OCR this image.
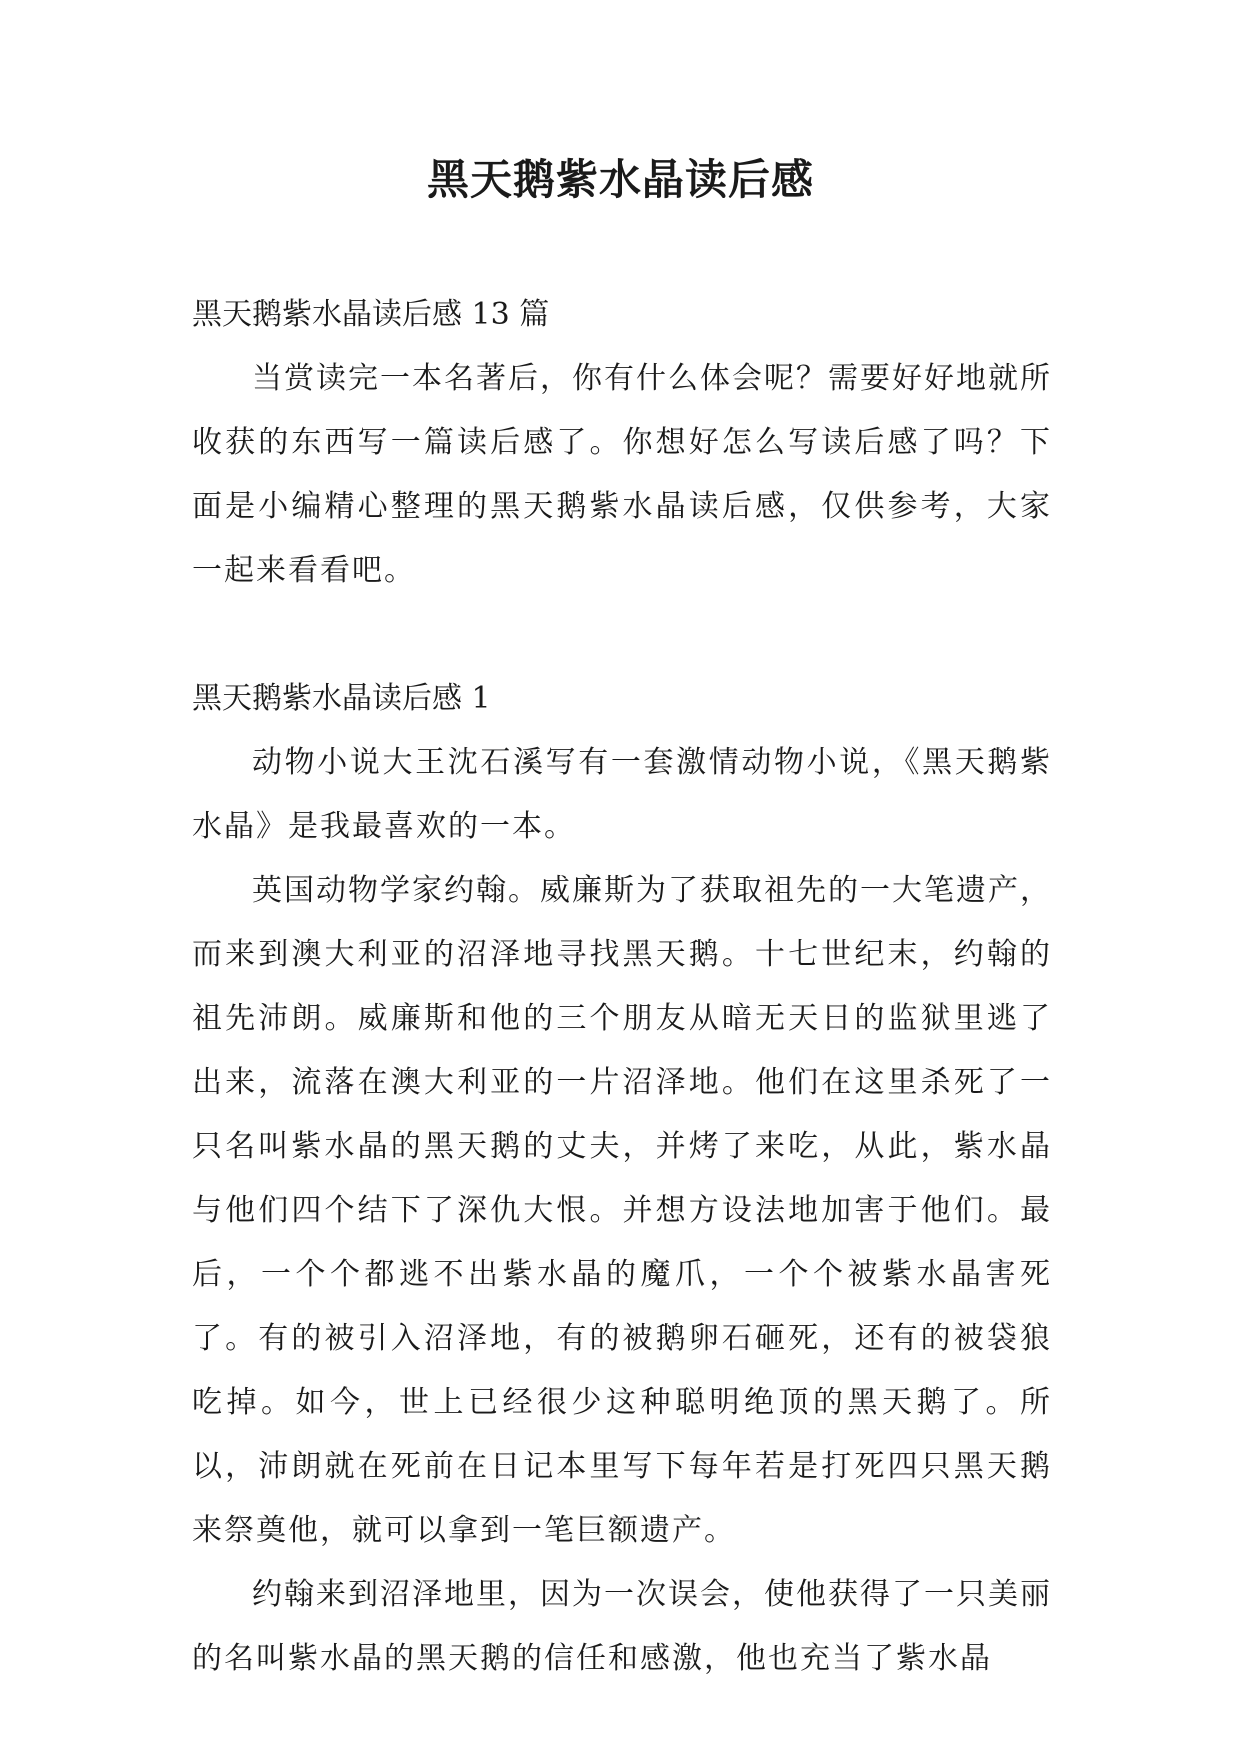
黑天鹅紫水晶读后感

黑天鹅紫水晶读后感 13 篇

当赏读完一本名著后，你有什么体会呢？需要好好地就所收获的东西写一篇读后感了。你想好怎么写读后感了吗？下面是小编精心整理的黑天鹅紫水晶读后感，仅供参考，大家一起来看看吧。

黑天鹅紫水晶读后感 1

动物小说大王沈石溪写有一套激情动物小说，《黑天鹅紫水晶》是我最喜欢的一本。

英国动物学家约翰。威廉斯为了获取祖先的一大笔遗产，而来到澳大利亚的沼泽地寻找黑天鹅。十七世纪末，约翰的祖先沛朗。威廉斯和他的三个朋友从暗无天日的监狱里逃了出来，流落在澳大利亚的一片沼泽地。他们在这里杀死了一只名叫紫水晶的黑天鹅的丈夫，并烤了来吃，从此，紫水晶与他们四个结下了深仇大恨。并想方设法地加害于他们。最后，一个个都逃不出紫水晶的魔爪，一个个被紫水晶害死了。有的被引入沼泽地，有的被鹅卵石砸死，还有的被袋狼吃掉。如今，世上已经很少这种聪明绝顶的黑天鹅了。所以，沛朗就在死前在日记本里写下每年若是打死四只黑天鹅来祭奠他，就可以拿到一笔巨额遗产。

约翰来到沼泽地里，因为一次误会，使他获得了一只美丽的名叫紫水晶的黑天鹅的信任和感激，他也充当了紫水晶
